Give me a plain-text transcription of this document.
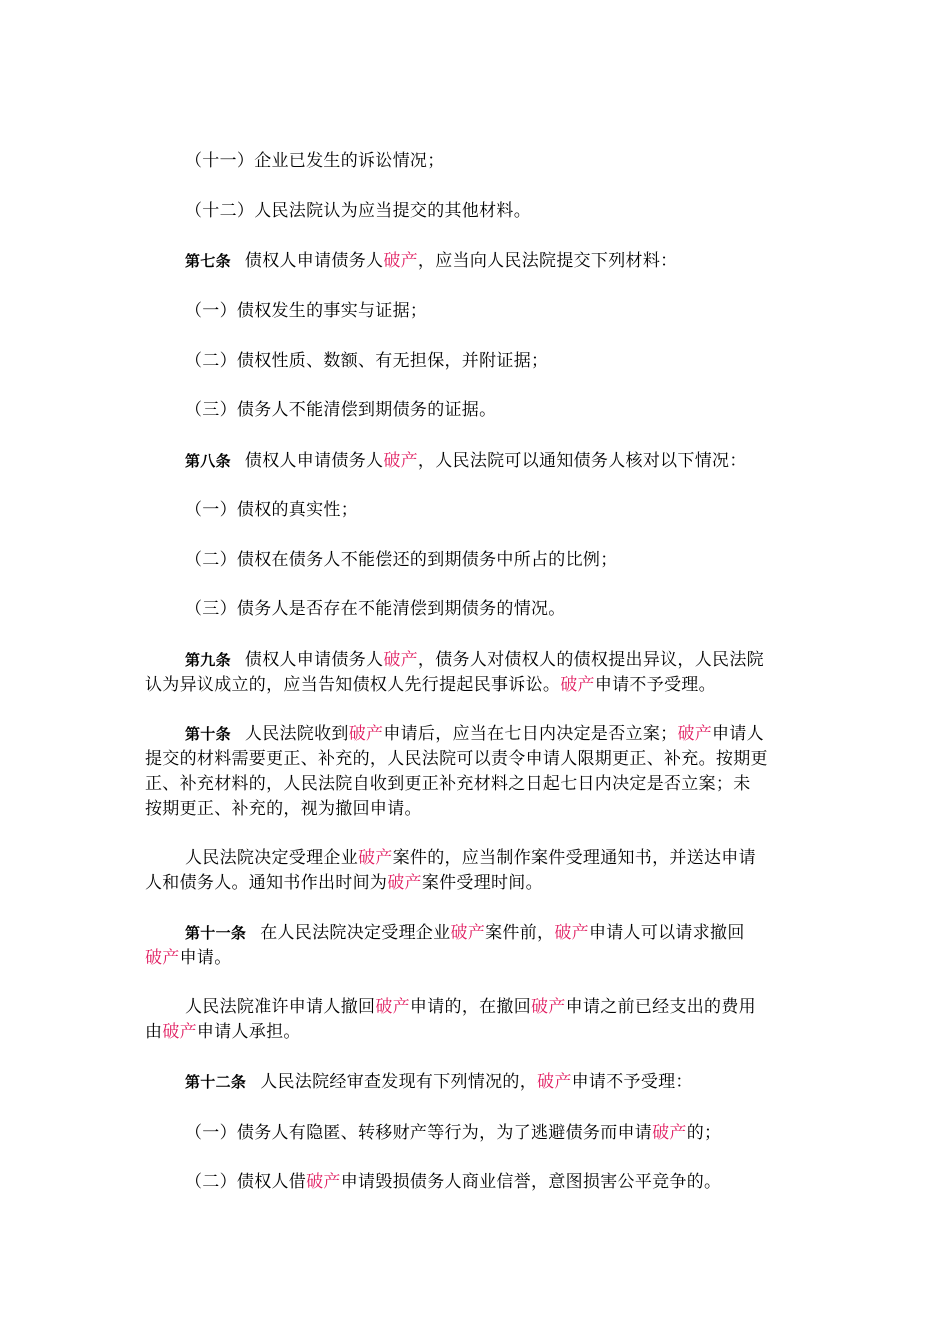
（十一）企业已发生的诉讼情况；
（十二）人民法院认为应当提交的其他材料。
第七条 债权人申请债务人破产，应当向人民法院提交下列材料：
（一）债权发生的事实与证据；
（二）债权性质、数额、有无担保，并附证据；
（三）债务人不能清偿到期债务的证据。
第八条 债权人申请债务人破产，人民法院可以通知债务人核对以下情况：
（一）债权的真实性；
（二）债权在债务人不能偿还的到期债务中所占的比例；
（三）债务人是否存在不能清偿到期债务的情况。
第九条 债权人申请债务人破产，债务人对债权人的债权提出异议，人民法院
认为异议成立的，应当告知债权人先行提起民事诉讼。破产申请不予受理。
第十条 人民法院收到破产申请后，应当在七日内决定是否立案；破产申请人
提交的材料需要更正、补充的，人民法院可以责令申请人限期更正、补充。按期更
正、补充材料的，人民法院自收到更正补充材料之日起七日内决定是否立案；未
按期更正、补充的，视为撤回申请。
人民法院决定受理企业破产案件的，应当制作案件受理通知书，并送达申请
人和债务人。通知书作出时间为破产案件受理时间。
第十一条 在人民法院决定受理企业破产案件前，破产申请人可以请求撤回
破产申请。
人民法院准许申请人撤回破产申请的，在撤回破产申请之前已经支出的费用
由破产申请人承担。
第十二条 人民法院经审查发现有下列情况的，破产申请不予受理：
（一）债务人有隐匿、转移财产等行为，为了逃避债务而申请破产的；
（二）债权人借破产申请毁损债务人商业信誉，意图损害公平竞争的。
